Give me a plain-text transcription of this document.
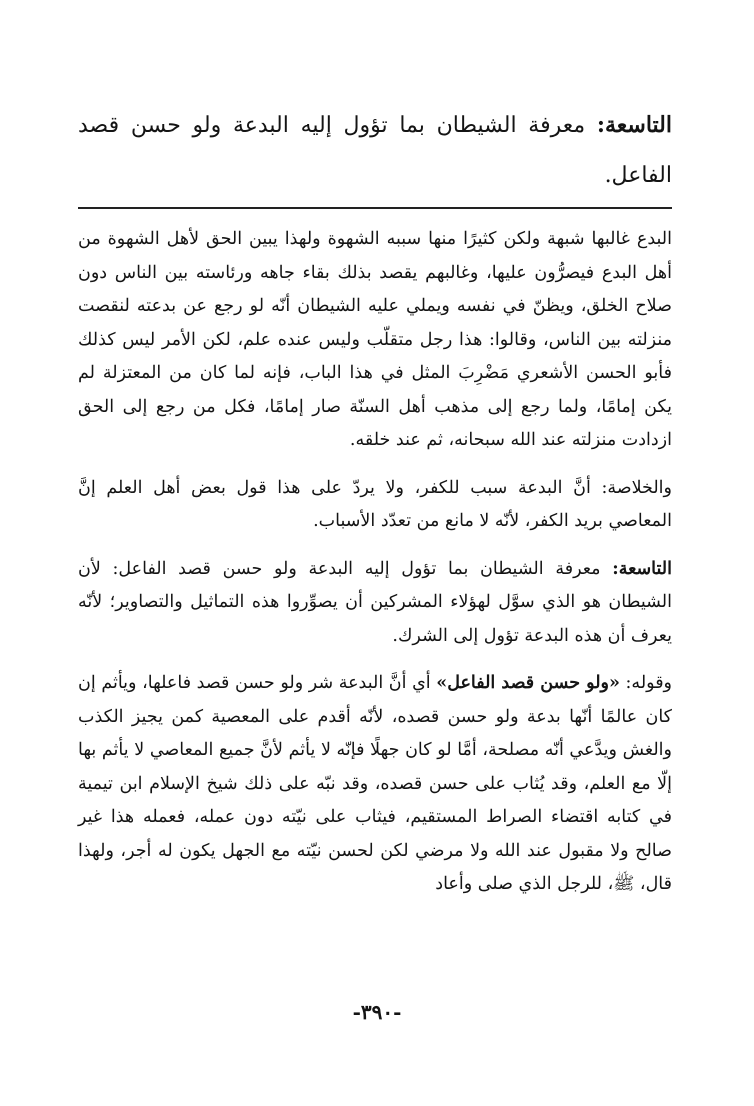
التاسعة: معرفة الشيطان بما تؤول إليه البدعة ولو حسن قصد الفاعل.

البدع غالبها شبهة ولكن كثيرًا منها سببه الشهوة ولهذا يبين الحق لأهل الشهوة من أهل البدع فيصرُّون عليها، وغالبهم يقصد بذلك بقاء جاهه ورئاسته بين الناس دون صلاح الخلق، ويظنّ في نفسه ويملي عليه الشيطان أنّه لو رجع عن بدعته لنقصت منزلته بين الناس، وقالوا: هذا رجل متقلّب وليس عنده علم، لكن الأمر ليس كذلك فأبو الحسن الأشعري مَضْرِبَ المثل في هذا الباب، فإنه لما كان من المعتزلة لم يكن إمامًا، ولما رجع إلى مذهب أهل السنّة صار إمامًا، فكل من رجع إلى الحق ازدادت منزلته عند الله سبحانه، ثم عند خلقه.

والخلاصة: أنَّ البدعة سبب للكفر، ولا يردّ على هذا قول بعض أهل العلم إنَّ المعاصي بريد الكفر، لأنّه لا مانع من تعدّد الأسباب.

التاسعة: معرفة الشيطان بما تؤول إليه البدعة ولو حسن قصد الفاعل: لأن الشيطان هو الذي سوَّل لهؤلاء المشركين أن يصوِّروا هذه التماثيل والتصاوير؛ لأنّه يعرف أن هذه البدعة تؤول إلى الشرك.

وقوله: «ولو حسن قصد الفاعل» أي أنَّ البدعة شر ولو حسن قصد فاعلها، ويأثم إن كان عالمًا أنّها بدعة ولو حسن قصده، لأنّه أقدم على المعصية كمن يجيز الكذب والغش ويدَّعي أنّه مصلحة، أمَّا لو كان جهلًا فإنّه لا يأثم لأنَّ جميع المعاصي لا يأثم بها إلّا مع العلم، وقد يُثاب على حسن قصده، وقد نبّه على ذلك شيخ الإسلام ابن تيمية في كتابه اقتضاء الصراط المستقيم، فيثاب على نيّته دون عمله، فعمله هذا غير صالح ولا مقبول عند الله ولا مرضي لكن لحسن نيّته مع الجهل يكون له أجر، ولهذا قال، ﷺ، للرجل الذي صلى وأعاد

-٣٩٠-
